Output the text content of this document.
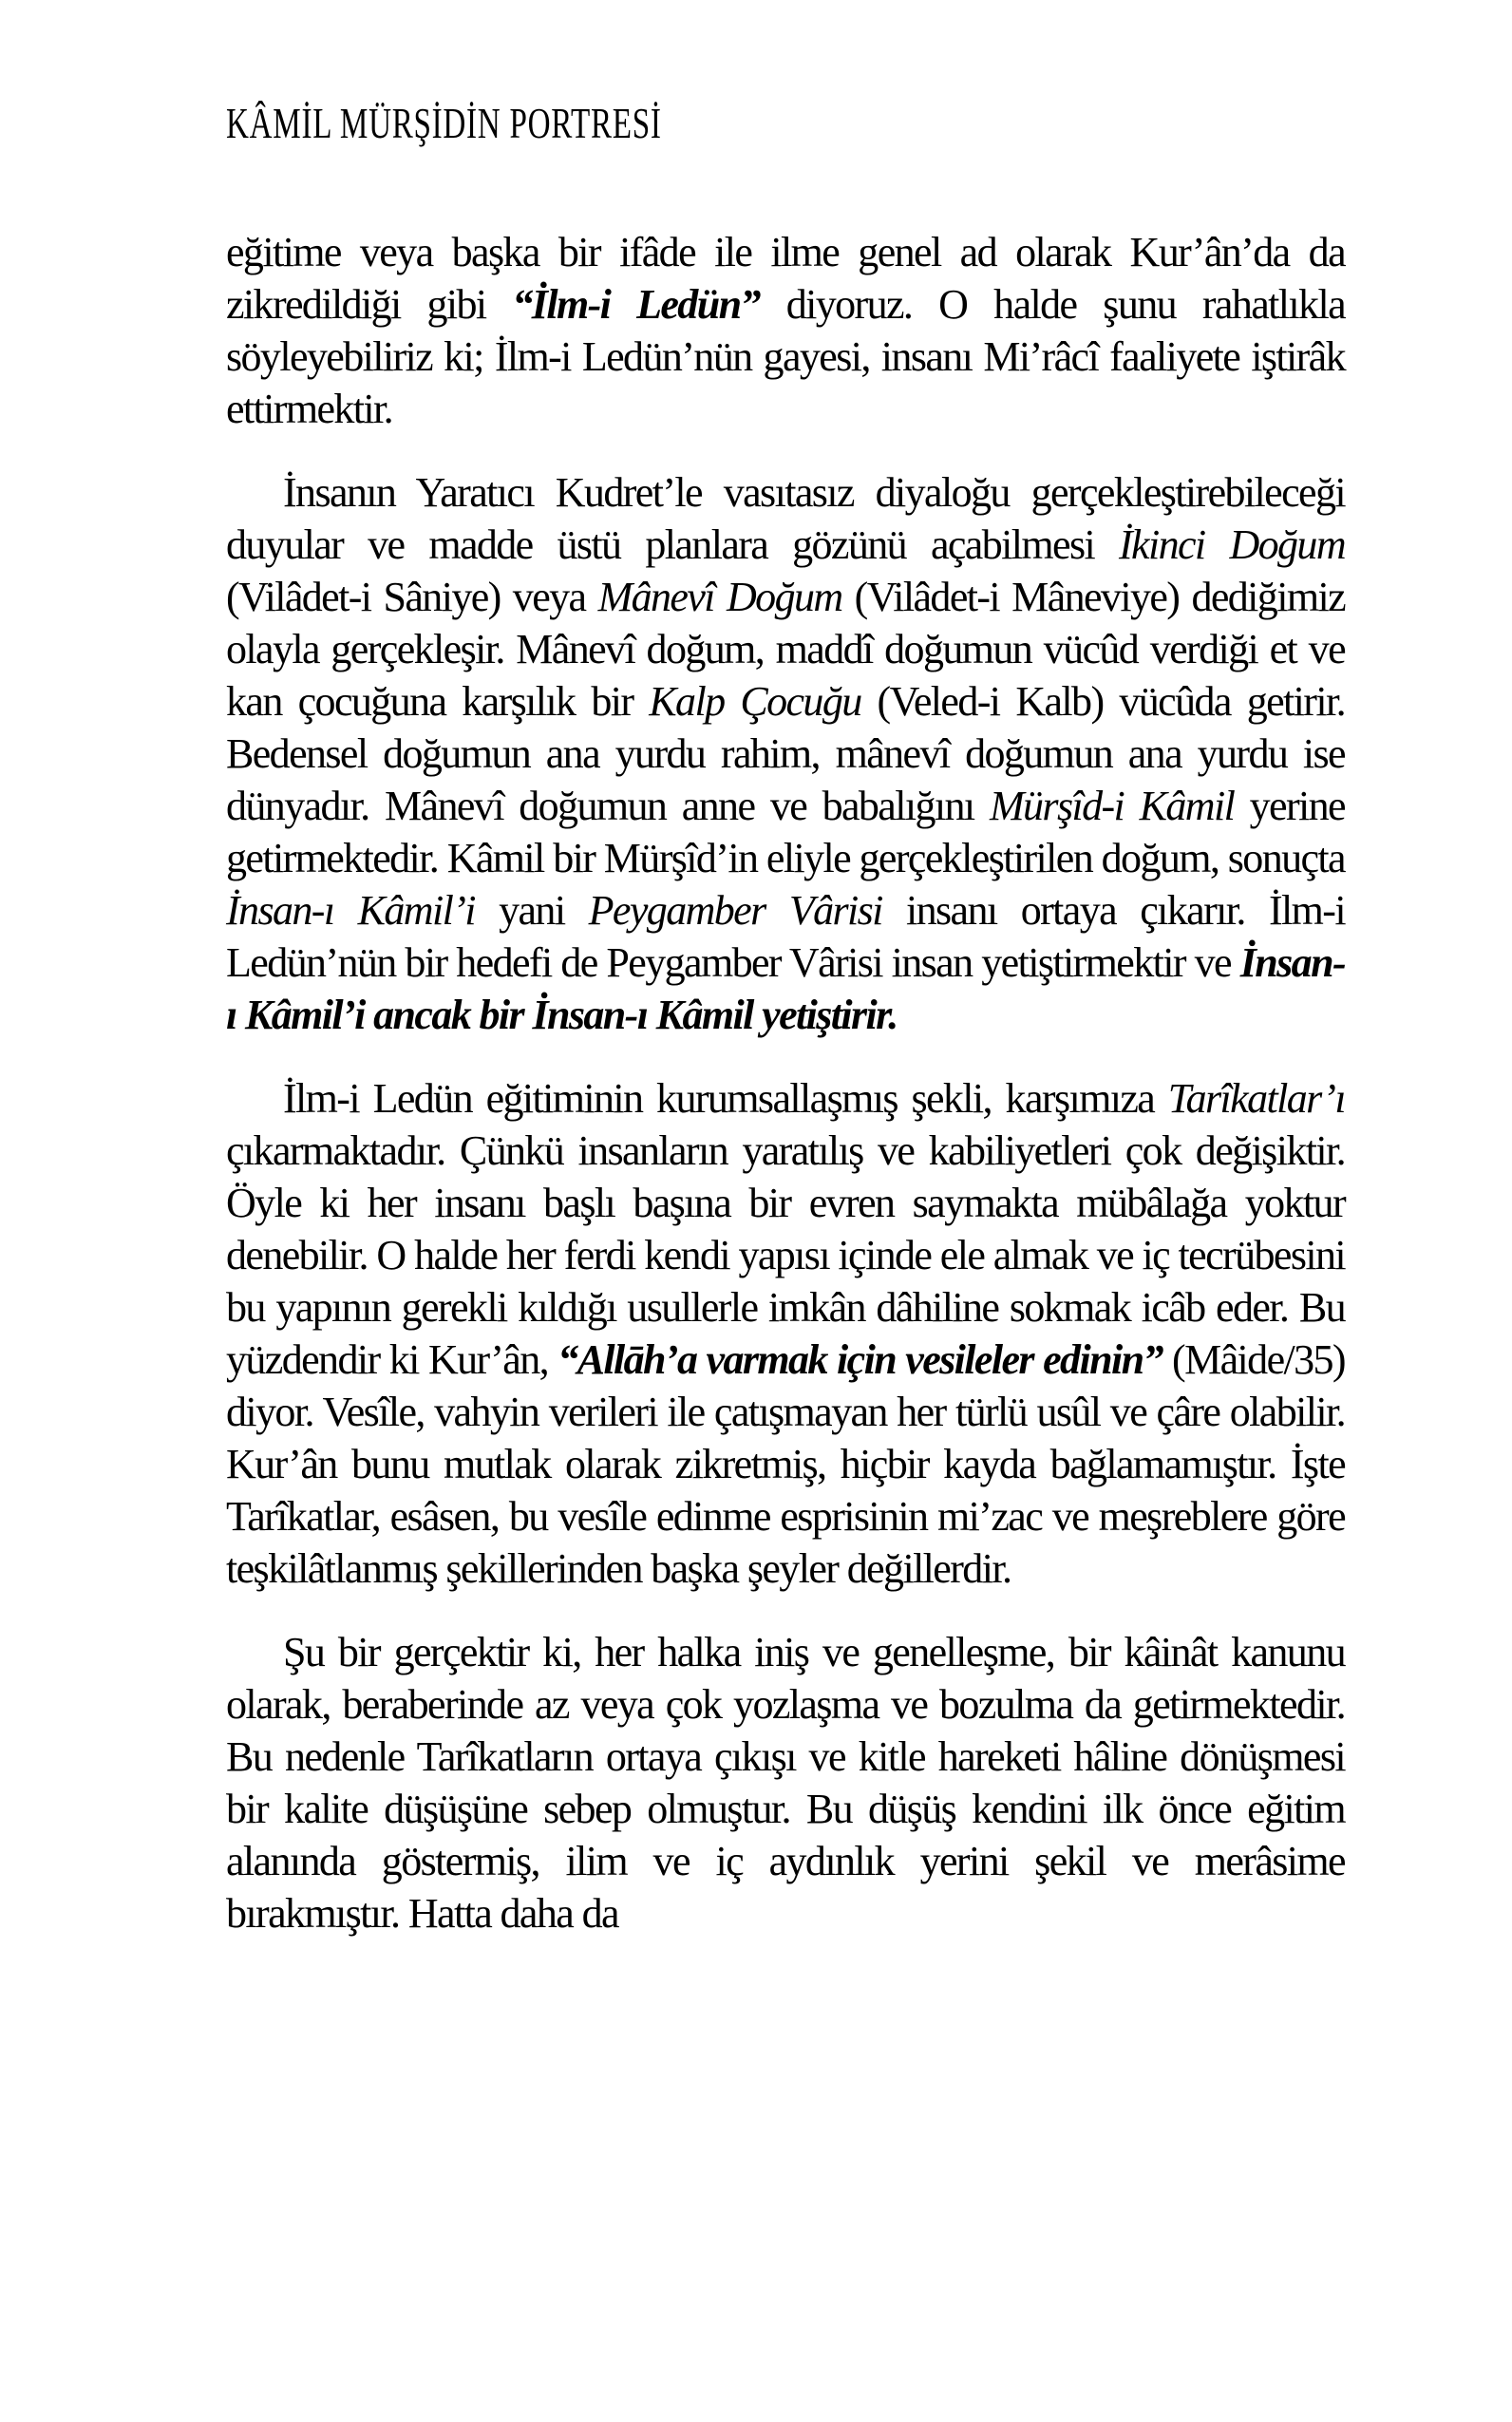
KÂMİL MÜRŞİDİN PORTRESİ

eğitime veya başka bir ifâde ile ilme genel ad olarak Kur’ân’da da zikredildiği gibi “İlm-i Ledün” diyoruz. O halde şunu rahatlıkla söyleyebiliriz ki; İlm-i Ledün’nün gayesi, insanı Mi’râcî faaliyete iştirâk ettirmektir.

İnsanın Yaratıcı Kudret’le vasıtasız diyaloğu gerçekleştirebileceği duyular ve madde üstü planlara gözünü açabilmesi İkinci Doğum (Vilâdet-i Sâniye) veya Mânevî Doğum (Vilâdet-i Mâneviye) dediğimiz olayla gerçekleşir. Mânevî doğum, maddî doğumun vücûd verdiği et ve kan çocuğuna karşılık bir Kalp Çocuğu (Veled-i Kalb) vücûda getirir. Bedensel doğumun ana yurdu rahim, mânevî doğumun ana yurdu ise dünyadır. Mânevî doğumun anne ve babalığını Mürşîd-i Kâmil yerine getirmektedir. Kâmil bir Mürşîd’in eliyle gerçekleştirilen doğum, sonuçta İnsan-ı Kâmil’i yani Peygamber Vârisi insanı ortaya çıkarır. İlm-i Ledün’nün bir hedefi de Peygamber Vârisi insan yetiştirmektir ve İnsan-ı Kâmil’i ancak bir İnsan-ı Kâmil yetiştirir.

İlm-i Ledün eğitiminin kurumsallaşmış şekli, karşımıza Tarîkatlar’ı çıkarmaktadır. Çünkü insanların yaratılış ve kabiliyetleri çok değişiktir. Öyle ki her insanı başlı başına bir evren saymakta mübâlağa yoktur denebilir. O halde her ferdi kendi yapısı içinde ele almak ve iç tecrübesini bu yapının gerekli kıldığı usullerle imkân dâhiline sokmak icâb eder. Bu yüzdendir ki Kur’ân, “Allāh’a varmak için vesileler edinin” (Mâide/35) diyor. Vesîle, vahyin verileri ile çatışmayan her türlü usûl ve çâre olabilir. Kur’ân bunu mutlak olarak zikretmiş, hiçbir kayda bağlamamıştır. İşte Tarîkatlar, esâsen, bu vesîle edinme esprisinin mi’zac ve meşreblere göre teşkilâtlanmış şekillerinden başka şeyler değillerdir.

Şu bir gerçektir ki, her halka iniş ve genelleşme, bir kâinât kanunu olarak, beraberinde az veya çok yozlaşma ve bozulma da getirmektedir. Bu nedenle Tarîkatların ortaya çıkışı ve kitle hareketi hâline dönüşmesi bir kalite düşüşüne sebep olmuştur. Bu düşüş kendini ilk önce eğitim alanında göstermiş, ilim ve iç aydınlık yerini şekil ve merâsime bırakmıştır. Hatta daha da
